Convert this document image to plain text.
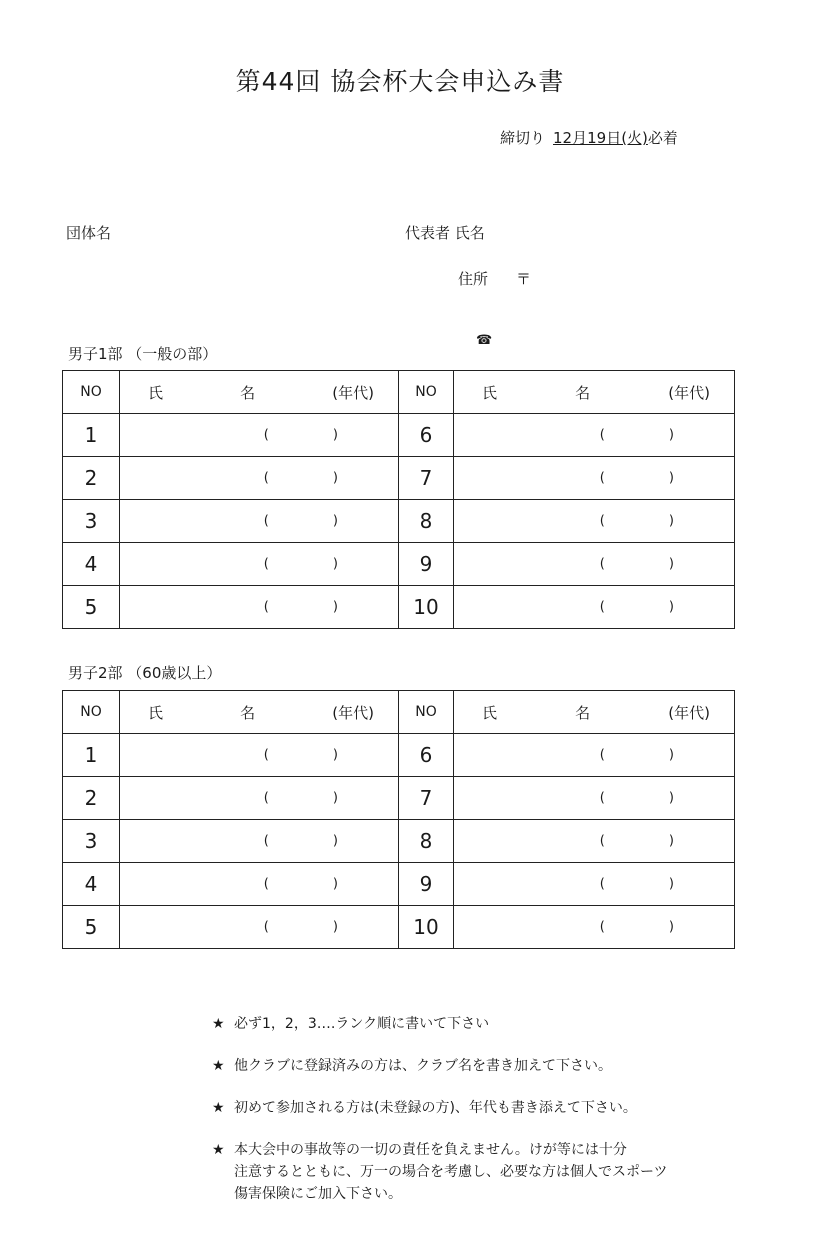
第44回 協会杯大会申込み書
締切り 12月19日(火)必着
団体名	代表者 氏名
住所 〒
☎
男子1部 （一般の部）
NO	氏 名 (年代)	NO	氏 名 (年代)

1	( )	6	( )

2	( )	7	( )

3	( )	8	( )

4	( )	9	( )

5	( )	10	( )
男子2部 （60歳以上）
NO	氏 名 (年代)	NO	氏 名 (年代)

1	( )	6	( )

2	( )	7	( )

3	( )	8	( )

4	( )	9	( )

5	( )	10	( )
★ 必ず1，2，3‥‥ランク順に書いて下さい
★ 他クラブに登録済みの方は、クラブ名を書き加えて下さい。
★ 初めて参加される方は(未登録の方)、年代も書き添えて下さい。
★ 本大会中の事故等の一切の責任を負えません。けが等には十分
注意するとともに、万一の場合を考慮し、必要な方は個人でスポーツ
傷害保険にご加入下さい。
